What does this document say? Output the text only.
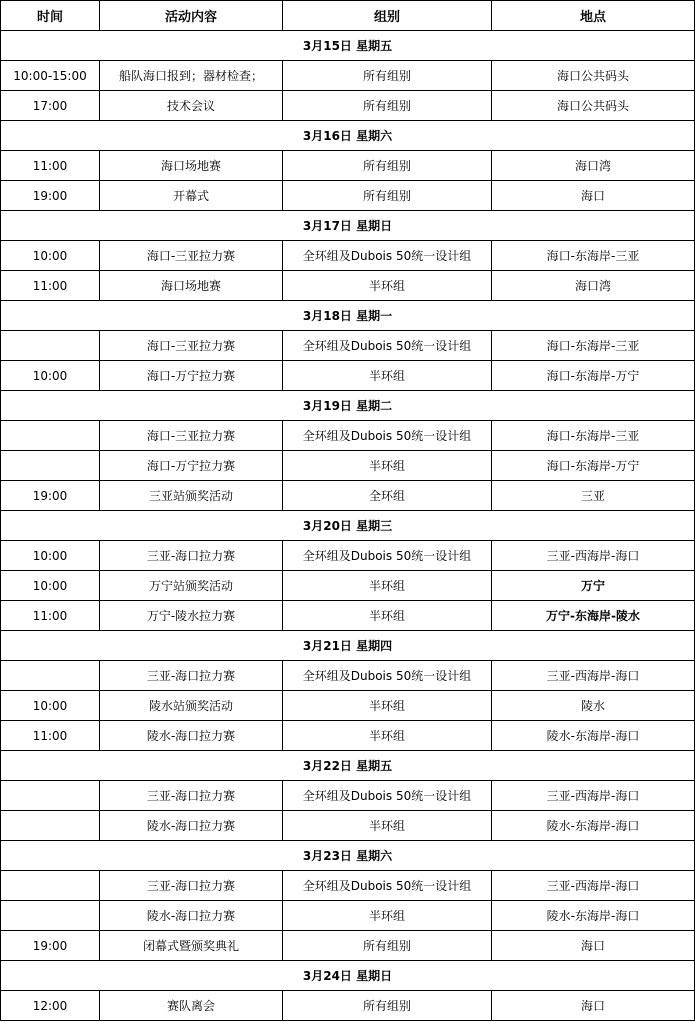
时间	活动内容	组别	地点
3月15日 星期五			
10:00-15:00	船队海口报到；器材检查；	所有组别	海口公共码头
17:00	技术会议	所有组别	海口公共码头
3月16日 星期六			
11:00	海口场地赛	所有组别	海口湾
19:00	开幕式	所有组别	海口
3月17日 星期日			
10:00	海口-三亚拉力赛	全环组及Dubois 50统一设计组	海口-东海岸-三亚
11:00	海口场地赛	半环组	海口湾
3月18日 星期一			
	海口-三亚拉力赛	全环组及Dubois 50统一设计组	海口-东海岸-三亚
10:00	海口-万宁拉力赛	半环组	海口-东海岸-万宁
3月19日 星期二			
	海口-三亚拉力赛	全环组及Dubois 50统一设计组	海口-东海岸-三亚
	海口-万宁拉力赛	半环组	海口-东海岸-万宁
19:00	三亚站颁奖活动	全环组	三亚
3月20日 星期三			
10:00	三亚-海口拉力赛	全环组及Dubois 50统一设计组	三亚-西海岸-海口
10:00	万宁站颁奖活动	半环组	万宁
11:00	万宁-陵水拉力赛	半环组	万宁-东海岸-陵水
3月21日 星期四			
	三亚-海口拉力赛	全环组及Dubois 50统一设计组	三亚-西海岸-海口
10:00	陵水站颁奖活动	半环组	陵水
11:00	陵水-海口拉力赛	半环组	陵水-东海岸-海口
3月22日 星期五			
	三亚-海口拉力赛	全环组及Dubois 50统一设计组	三亚-西海岸-海口
	陵水-海口拉力赛	半环组	陵水-东海岸-海口
3月23日 星期六			
	三亚-海口拉力赛	全环组及Dubois 50统一设计组	三亚-西海岸-海口
	陵水-海口拉力赛	半环组	陵水-东海岸-海口
19:00	闭幕式暨颁奖典礼	所有组别	海口
3月24日 星期日			
12:00	赛队离会	所有组别	海口
